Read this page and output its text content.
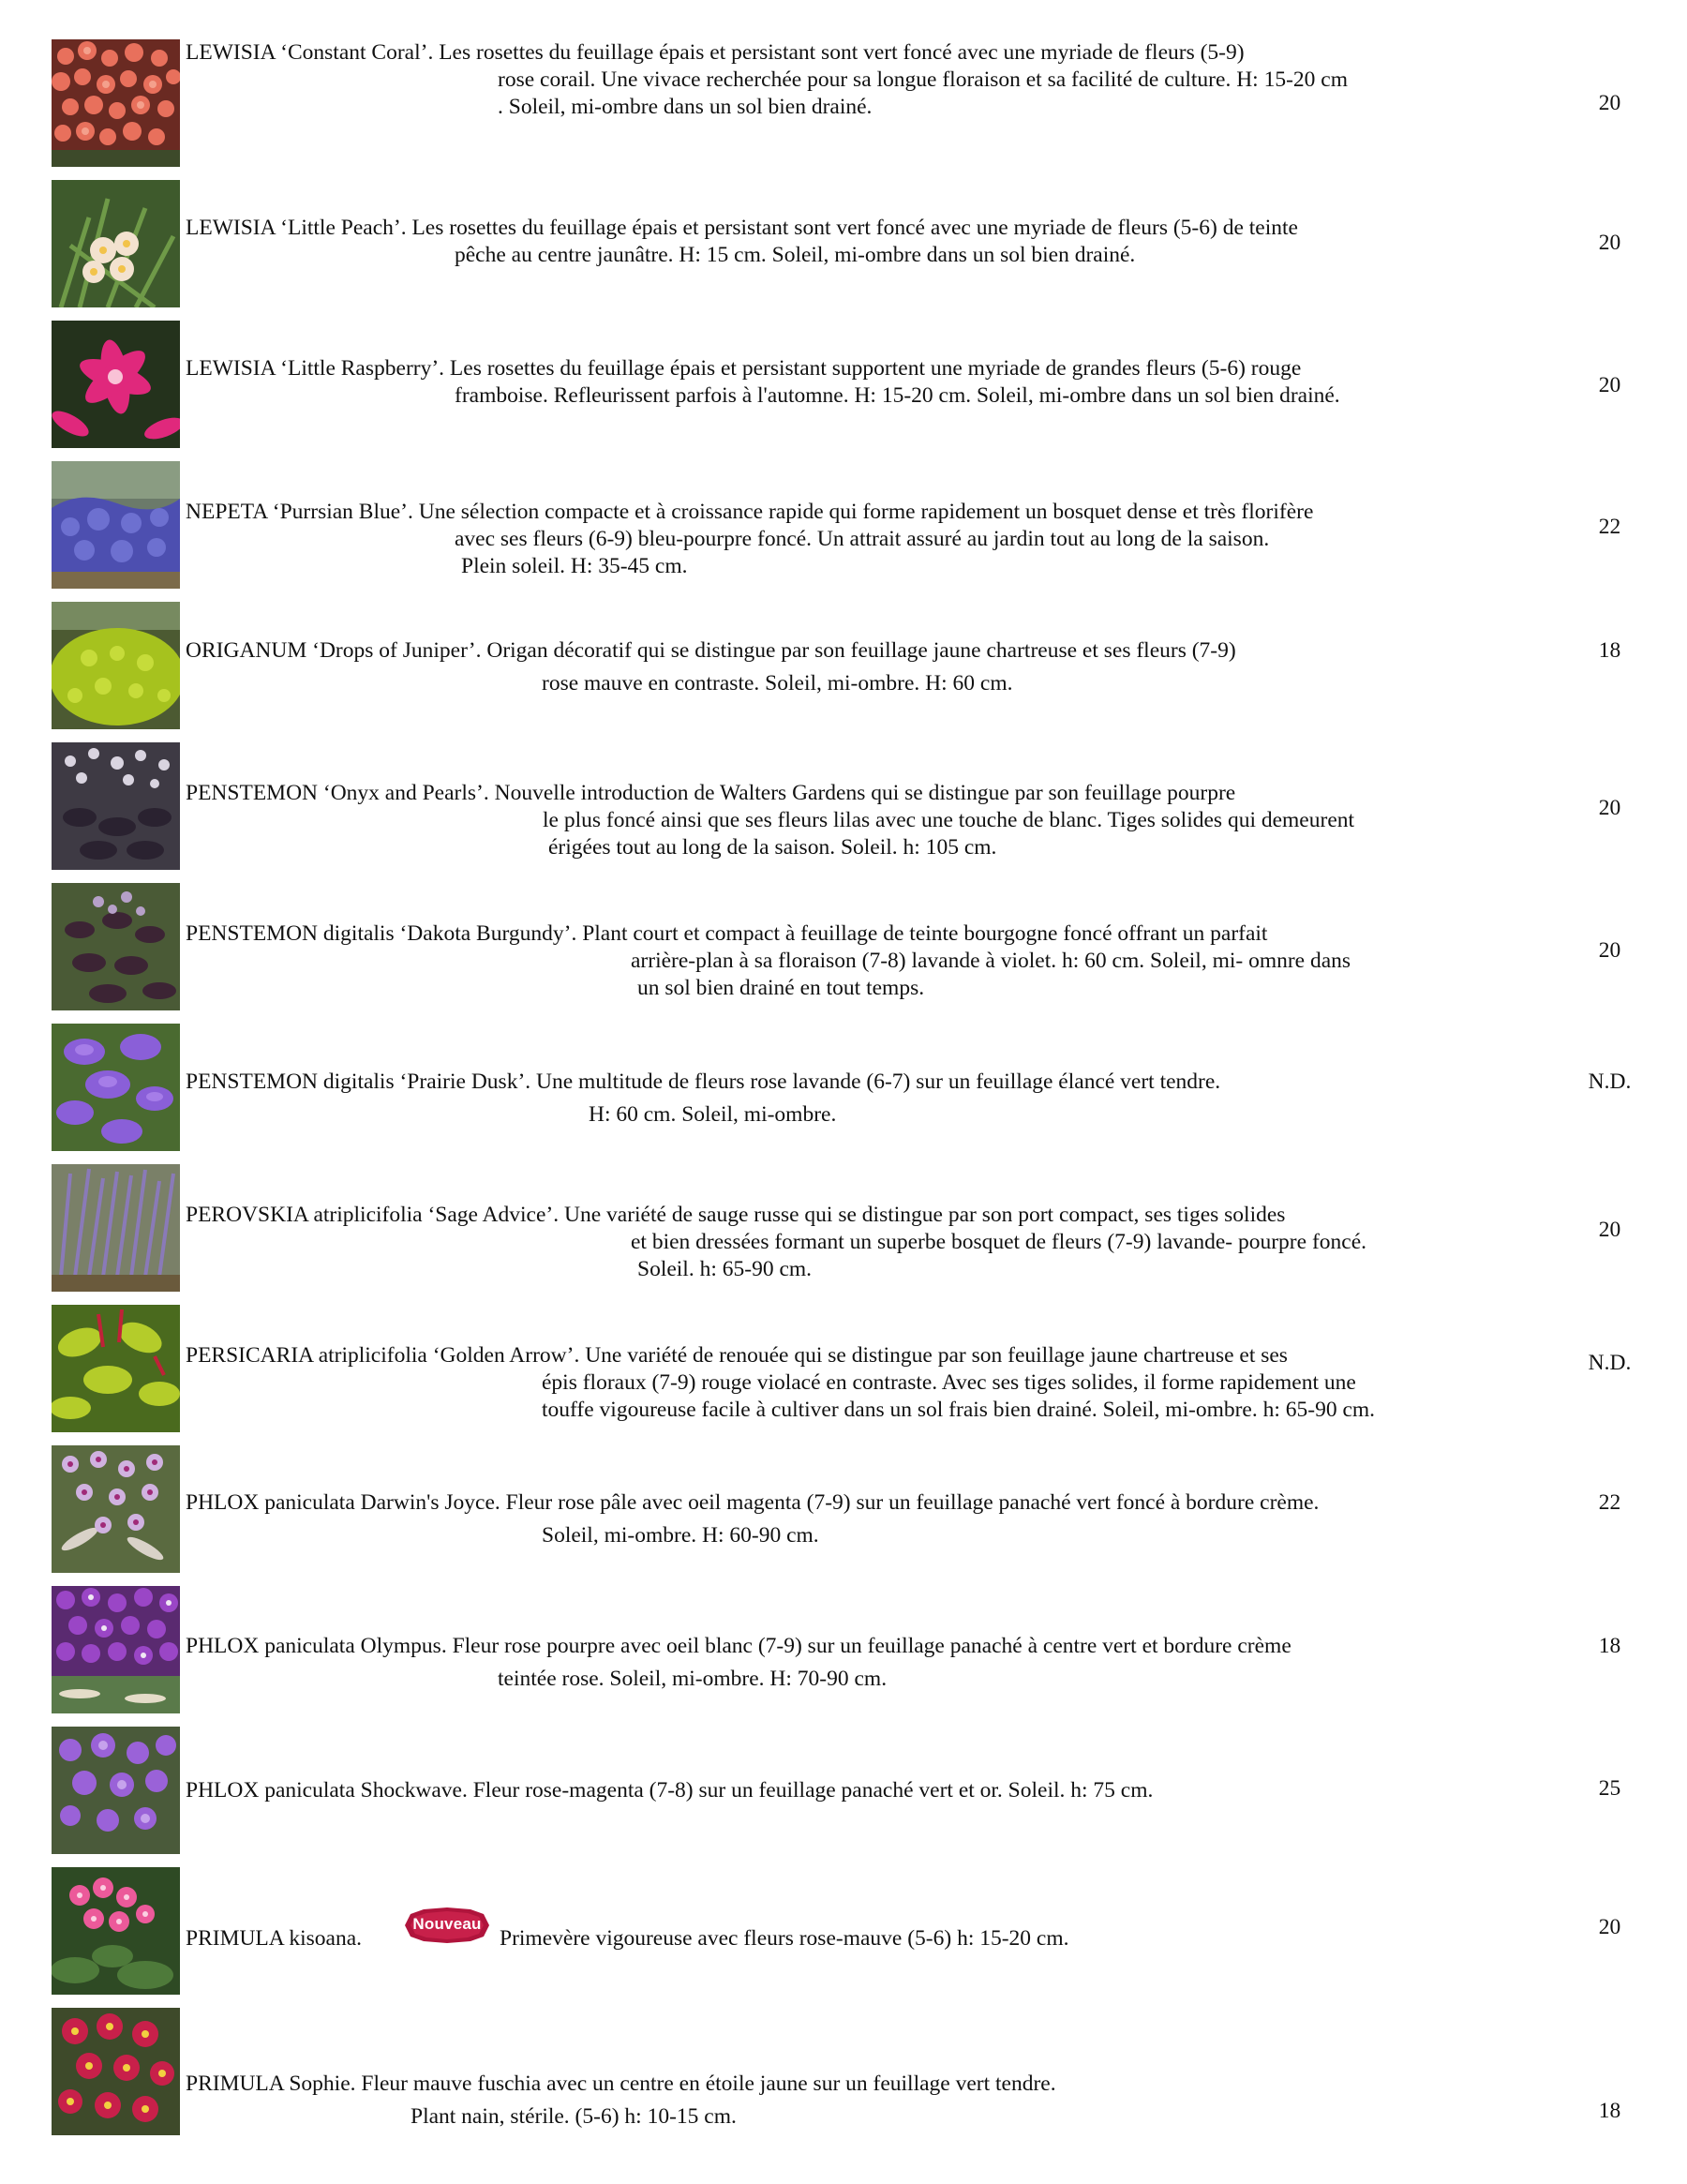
LEWISIA ‘Constant Coral’. Les rosettes du feuillage épais et persistant sont vert foncé avec une myriade de fleurs (5-9)
rose corail. Une vivace recherchée pour sa longue floraison et sa facilité de culture. H: 15-20 cm
. Soleil, mi-ombre dans un sol bien drainé.	20
LEWISIA ‘Little Peach’. Les rosettes du feuillage épais et persistant sont vert foncé avec une myriade de fleurs (5-6) de teinte
pêche au centre jaunâtre. H: 15 cm. Soleil, mi-ombre dans un sol bien drainé.	20
LEWISIA ‘Little Raspberry’. Les rosettes du feuillage épais et persistant supportent une myriade de grandes fleurs (5-6) rouge
framboise. Refleurissent parfois à l'automne. H: 15-20 cm. Soleil, mi-ombre dans un sol bien drainé.	20
NEPETA ‘Purrsian Blue’. Une sélection compacte et à croissance rapide qui forme rapidement un bosquet dense et très florifère
avec ses fleurs (6-9) bleu-pourpre foncé. Un attrait assuré au jardin tout au long de la saison.
Plein soleil. H: 35-45 cm.
22
ORIGANUM ‘Drops of Juniper’. Origan décoratif qui se distingue par son feuillage jaune chartreuse et ses fleurs (7-9)
rose mauve en contraste. Soleil, mi-ombre. H: 60 cm.
18
PENSTEMON ‘Onyx and Pearls’. Nouvelle introduction de Walters Gardens qui se distingue par son feuillage pourpre
le plus foncé ainsi que ses fleurs lilas avec une touche de blanc. Tiges solides qui demeurent
érigées tout au long de la saison. Soleil. h: 105 cm.
20
PENSTEMON digitalis ‘Dakota Burgundy’. Plant court et compact à feuillage de teinte bourgogne foncé offrant un parfait
arrière-plan à sa floraison (7-8) lavande à violet. h: 60 cm. Soleil, mi- omnre dans
un sol bien drainé en tout temps.
20
PENSTEMON digitalis ‘Prairie Dusk’. Une multitude de fleurs rose lavande (6-7) sur un feuillage élancé vert tendre.
H: 60 cm. Soleil, mi-ombre.
N.D.
PEROVSKIA atriplicifolia ‘Sage Advice’. Une variété de sauge russe qui se distingue par son port compact, ses tiges solides
et bien dressées formant un superbe bosquet de fleurs (7-9) lavande- pourpre foncé.
Soleil. h: 65-90 cm.
20
PERSICARIA atriplicifolia ‘Golden Arrow’. Une variété de renouée qui se distingue par son feuillage jaune chartreuse et ses
épis floraux (7-9) rouge violacé en contraste. Avec ses tiges solides, il forme rapidement une
touffe vigoureuse facile à cultiver dans un sol frais bien drainé. Soleil, mi-ombre. h: 65-90 cm.
N.D.
PHLOX paniculata Darwin's Joyce. Fleur rose pâle avec oeil magenta (7-9) sur un feuillage panaché vert foncé à bordure crème.
Soleil, mi-ombre. H: 60-90 cm.
22
PHLOX paniculata Olympus. Fleur rose pourpre avec oeil blanc (7-9) sur un feuillage panaché à centre vert et bordure crème
teintée rose. Soleil, mi-ombre. H: 70-90 cm.
18
PHLOX paniculata Shockwave. Fleur rose-magenta (7-8) sur un feuillage panaché vert et or. Soleil. h: 75 cm.	25
PRIMULA kisoana.
Nouveau
Primevère vigoureuse avec fleurs rose-mauve (5-6) h: 15-20 cm.	20
PRIMULA Sophie. Fleur mauve fuschia avec un centre en étoile jaune sur un feuillage vert tendre.
Plant nain, stérile. (5-6) h: 10-15 cm.	18
